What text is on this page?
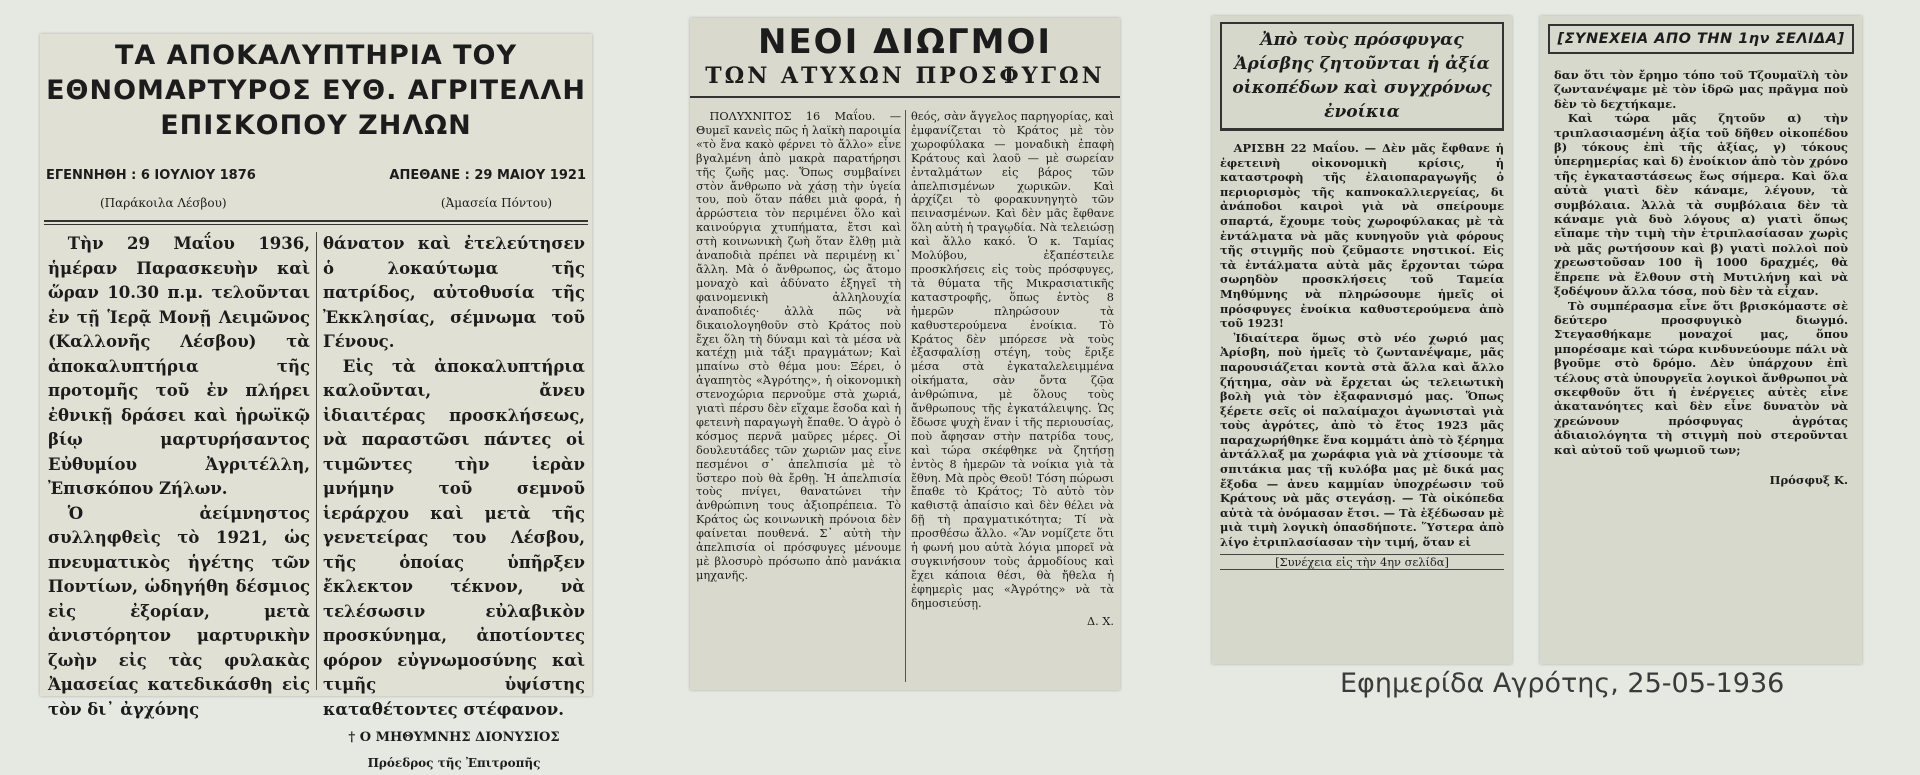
ΤΑ ΑΠΟΚΑΛΥΠΤΗΡΙΑ ΤΟΥ
ΕΘΝΟΜΑΡΤΥΡΟΣ ΕΥΘ. ΑΓΡΙΤΕΛΛΗ
ΕΠΙΣΚΟΠΟΥ ΖΗΛΩΝ
ΕΓΕΝΝΗΘΗ : 6 ΙΟΥΛΙΟΥ 1876	ΑΠΕΘΑΝΕ : 29 ΜΑΙΟΥ 1921
(Παράκοιλα Λέσβου)	(Ἀμασεία Πόντου)

Τὴν 29 Μαΐου 1936, ἡμέραν Παρασκευὴν καὶ ὥραν 10.30 π.μ. τελοῦνται ἐν τῇ Ἱερᾷ Μονῇ Λειμῶνος (Καλλονῆς Λέσβου) τὰ ἀποκαλυπτήρια τῆς προτομῆς τοῦ ἐν πλήρει ἐθνικῇ δράσει καὶ ἡρωϊκῷ βίῳ μαρτυρήσαντος Εὐθυμίου Ἀγριτέλλη, Ἐπισκόπου Ζήλων.

Ὁ ἀείμνηστος συλληφθεὶς τὸ 1921, ὡς πνευματικὸς ἡγέτης τῶν Ποντίων, ὡδηγήθη δέσμιος εἰς ἐξορίαν, μετὰ ἀνιστόρητον μαρτυρικὴν ζωὴν εἰς τὰς φυλακὰς Ἀμασείας κατεδικάσθη εἰς τὸν δι᾽ ἀγχόνης

θάνατον καὶ ἐτελεύτησεν ὁ λοκαύτωμα τῆς πατρίδος, αὐτοθυσία τῆς Ἐκκλησίας, σέμνωμα τοῦ Γένους.

Εἰς τὰ ἀποκαλυπτήρια καλοῦνται, ἄνευ ἰδιαιτέρας προσκλήσεως, νὰ παραστῶσι πάντες οἱ τιμῶντες τὴν ἱερὰν μνήμην τοῦ σεμνοῦ ἱεράρχου καὶ μετὰ τῆς γενετείρας του Λέσβου, τῆς ὁποίας ὑπῆρξεν ἔκλεκτον τέκνον, νὰ τελέσωσιν εὐλαβικὸν προσκύνημα, ἀποτίοντες φόρον εὐγνωμοσύνης καὶ τιμῆς ὑψίστης καταθέτοντες στέφανον.

† Ο ΜΗΘΥΜΝΗΣ ΔΙΟΝΥΣΙΟΣ
Πρόεδρος τῆς Ἐπιτροπῆς
ΝΕΟΙ ΔΙΩΓΜΟΙ
ΤΩΝ ΑΤΥΧΩΝ ΠΡΟΣΦΥΓΩΝ

ΠΟΛΥΧΝΙΤΟΣ 16 Μαΐου. — Θυμεῖ κανεὶς πῶς ἡ λαϊκὴ παροιμία «τὸ ἕνα κακὸ φέρνει τὸ ἄλλο» εἶνε βγαλμένη ἀπὸ μακρὰ παρατήρησι τῆς ζωῆς μας. Ὅπως συμβαίνει στὸν ἄνθρωπο νὰ χάσῃ τὴν ὑγεία του, ποὺ ὅταν πάθει μιὰ φορά, ἡ ἀρρώστεια τὸν περιμένει ὅλο καὶ καινούργια χτυπήματα, ἔτσι καὶ στὴ κοινωνικὴ ζωὴ ὅταν ἔλθῃ μιὰ ἀναποδιὰ πρέπει νὰ περιμένῃ κι᾽ ἄλλη. Μὰ ὁ ἄνθρωπος, ὡς ἄτομο μοναχὸ καὶ ἀδύνατο ἐξηγεῖ τὴ φαινομενικὴ ἀλληλουχία ἀναποδιές· ἀλλὰ πῶς νὰ δικαιολογηθοῦν στὸ Κράτος ποὺ ἔχει ὅλη τὴ δύναμι καὶ τὰ μέσα νὰ κατέχῃ μιὰ τάξι πραγμάτων; Καὶ μπαίνω στὸ θέμα μου: Ξέρει, ὁ ἀγαπητὸς «Ἀγρότης», ἡ οἰκονομικὴ στενοχώρια περνοῦμε στὰ χωριά, γιατὶ πέρσυ δὲν εἴχαμε ἔσοδα καὶ ἡ φετεινὴ παραγωγὴ ἔπαθε. Ὁ ἀγρὸ ὁ κόσμος περνᾶ μαῦρες μέρες. Οἱ δουλευτάδες τῶν χωριῶν μας εἶνε πεσμένοι σ᾽ ἀπελπισία μὲ τὸ ὕστερο ποὺ θὰ ἔρθῃ. Ἡ ἀπελπισία τοὺς πνίγει, θανατώνει τὴν ἀνθρώπινη τους ἀξιοπρέπεια. Τὸ Κράτος ὡς κοινωνικὴ πρόνοια δὲν φαίνεται πουθενά. Σ᾽ αὐτὴ τὴν ἀπελπισία οἱ πρόσφυγες μένουμε μὲ βλοσυρὸ πρόσωπο ἀπὸ μανάκια μηχανῆς.

θεός, σὰν ἄγγελος παρηγορίας, καὶ ἐμφανίζεται τὸ Κράτος μὲ τὸν χωροφύλακα — μοναδικὴ ἐπαφὴ Κράτους καὶ λαοῦ — μὲ σωρείαν ἐνταλμάτων εἰς βάρος τῶν ἀπελπισμένων χωρικῶν. Καὶ ἀρχίζει τὸ φορακυνηγητὸ τῶν πεινασμένων. Καὶ δὲν μᾶς ἔφθανε ὅλη αὐτὴ ἡ τραγῳδία. Νὰ τελειώσῃ καὶ ἄλλο κακό. Ὁ κ. Ταμίας Μολύβου, ἐξαπέστειλε προσκλήσεις εἰς τοὺς πρόσφυγες, τὰ θύματα τῆς Μικρασιατικῆς καταστροφῆς, ὅπως ἐντὸς 8 ἡμερῶν πληρώσουν τὰ καθυστερούμενα ἐνοίκια. Τὸ Κράτος δὲν μπόρεσε νὰ τοὺς ἐξασφαλίσῃ στέγη, τοὺς ἔριξε μέσα στὰ ἐγκαταλελειμμένα οἰκήματα, σὰν ὄντα ζῷα ἀνθρώπινα, μὲ ὅλους τοὺς ἄνθρωπους τῆς ἐγκατάλειψης. Ὡς ἔδωσε ψυχὴ ἕναν ἰ τῆς περιουσίας, ποὺ ἄφησαν στὴν πατρίδα τους, καὶ τώρα σκέφθηκε νὰ ζητήσῃ ἐντὸς 8 ἡμερῶν τὰ νοίκια γιὰ τὰ ἔθνη. Μὰ πρὸς Θεοῦ! Τόση πώρωσι ἔπαθε τὸ Κράτος; Τὸ αὐτὸ τὸν καθιστᾷ ἀπαίσιο καὶ δὲν θέλει νὰ δῇ τὴ πραγματικότητα; Τί νὰ προσθέσω ἄλλο. «Ἂν νομίζετε ὅτι ἡ φωνή μου αὐτὰ λόγια μπορεῖ νὰ συγκινήσουν τοὺς ἁρμοδίους καὶ ἔχει κάποια θέσι, θὰ ἤθελα ἡ ἐφημερὶς μας «Ἀγρότης» νὰ τὰ δημοσιεύσῃ.

Δ. Χ.
Ἀπὸ τοὺς πρόσφυγας Ἀρίσβης ζητοῦνται ἡ ἀξία οἰκοπέδων καὶ συγχρόνως ἐνοίκια

ΑΡΙΣΒΗ 22 Μαΐου. — Δὲν μᾶς ἔφθανε ἡ ἐφετεινὴ οἰκονομικὴ κρίσις, ἡ καταστροφὴ τῆς ἐλαιοπαραγωγῆς ὁ περιορισμὸς τῆς καπνοκαλλιεργείας, δι ἀνάποδοι καιροὶ γιὰ νὰ σπείρουμε σπαρτά, ἔχουμε τοὺς χωροφύλακας μὲ τὰ ἐντάλματα νὰ μᾶς κυνηγοῦν γιὰ φόρους τῆς στιγμῆς ποὺ ζεῦμαστε νηστικοί. Εἰς τὰ ἐντάλματα αὐτὰ μᾶς ἔρχονται τώρα σωρηδὸν προσκλήσεις τοῦ Ταμεία Μηθύμνης νὰ πληρώσουμε ἡμεῖς οἱ πρόσφυγες ἐνοίκια καθυστερούμενα ἀπὸ τοῦ 1923!

Ἰδιαίτερα ὅμως στὸ νέο χωριό μας Ἀρίσβη, ποὺ ἡμεῖς τὸ ζωντανέψαμε, μᾶς παρουσιάζεται κοντὰ στὰ ἄλλα καὶ ἄλλο ζήτημα, σὰν νὰ ἔρχεται ὡς τελειωτικὴ βολὴ γιὰ τὸν ἐξαφανισμό μας. Ὅπως ξέρετε σεῖς οἱ παλαίμαχοι ἀγωνισταὶ γιὰ τοὺς ἀγρότες, ἀπὸ τὸ ἔτος 1923 μᾶς παραχωρήθηκε ἕνα κομμάτι ἀπὸ τὸ ξέρημα ἀντάλλαξ μα χωράφια γιὰ νὰ χτίσουμε τὰ σπιτάκια μας τῇ κυλόβα μας μὲ δικά μας ἔξοδα — ἀνευ καμμίαν ὑποχρέωσιν τοῦ Κράτους νὰ μᾶς στεγάσῃ. — Τὰ οἰκόπεδα αὐτὰ τὰ ὀνόμασαν ἔτσι. — Τὰ ἐξέδωσαν μὲ μιὰ τιμὴ λογικὴ ὁπασδήποτε. Ὕστερα ἀπὸ λίγο ἐτριπλασίασαν τὴν τιμή, ὅταν εἰ

[Συνέχεια εἰς τὴν 4ην σελίδα]
[ΣΥΝΕΧΕΙΑ ΑΠΟ ΤΗΝ 1ην ΣΕΛΙΔΑ]

δαν ὅτι τὸν ἔρημο τόπο τοῦ Τζουμαϊλὴ τὸν ζωντανέψαμε μὲ τὸν ἱδρῶ μας πρᾶγμα ποὺ δὲν τὸ δεχτήκαμε.

Καὶ τώρα μᾶς ζητοῦν α) τὴν τριπλασιασμένη ἀξία τοῦ δῆθεν οἰκοπέδου β) τόκους ἐπὶ τῆς ἀξίας, γ) τόκους ὑπερημερίας καὶ δ) ἐνοίκιον ἀπὸ τὸν χρόνο τῆς ἐγκαταστάσεως ἕως σήμερα. Καὶ ὅλα αὐτὰ γιατὶ δὲν κάναμε, λέγουν, τὰ συμβόλαια. Ἀλλὰ τὰ συμβόλαια δὲν τὰ κάναμε γιὰ δυὸ λόγους α) γιατὶ ὅπως εἴπαμε τὴν τιμὴ τὴν ἐτριπλασίασαν χωρὶς νὰ μᾶς ρωτήσουν καὶ β) γιατὶ πολλοὶ ποὺ χρεωστοῦσαν 100 ἢ 1000 δραχμές, θὰ ἔπρεπε νὰ ἔλθουν στὴ Μυτιλήνη καὶ νὰ ξοδέψουν ἄλλα τόσα, ποὺ δὲν τὰ εἶχαν.

Τὸ συμπέρασμα εἶνε ὅτι βρισκόμαστε σὲ δεύτερο προσφυγικὸ διωγμό. Στεγασθήκαμε μοναχοί μας, ὅπου μπορέσαμε καὶ τώρα κινδυνεύουμε πάλι νὰ βγοῦμε στὸ δρόμο. Δὲν ὑπάρχουν ἐπὶ τέλους στὰ ὑπουργεῖα λογικοὶ ἄνθρωποι νὰ σκεφθοῦν ὅτι ἡ ἐνέργειες αὐτὲς εἶνε ἀκατανόητες καὶ δὲν εἶνε δυνατὸν νὰ χρεώνουν πρόσφυγας ἀγρότας ἀδιαιολόγητα τὴ στιγμὴ ποὺ στεροῦνται καὶ αὐτοῦ τοῦ ψωμιοῦ των;

Πρόσφυξ Κ.
Εφημερίδα Αγρότης, 25-05-1936
